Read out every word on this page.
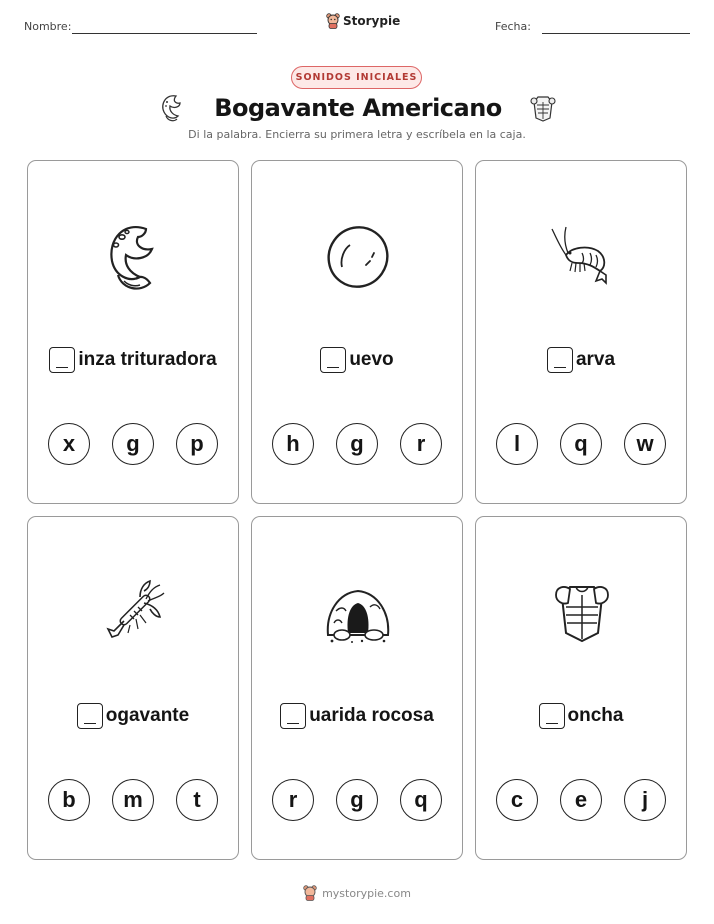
Nombre:	Storypie	Fecha:
SONIDOS INICIALES
Bogavante Americano
Di la palabra. Encierra su primera letra y escríbela en la caja.
inza trituradora
x	g	p
uevo
h	g	r
arva
l	q	w
ogavante
b	m	t
uarida rocosa
r	g	q
oncha
c	e	j
mystorypie.com
